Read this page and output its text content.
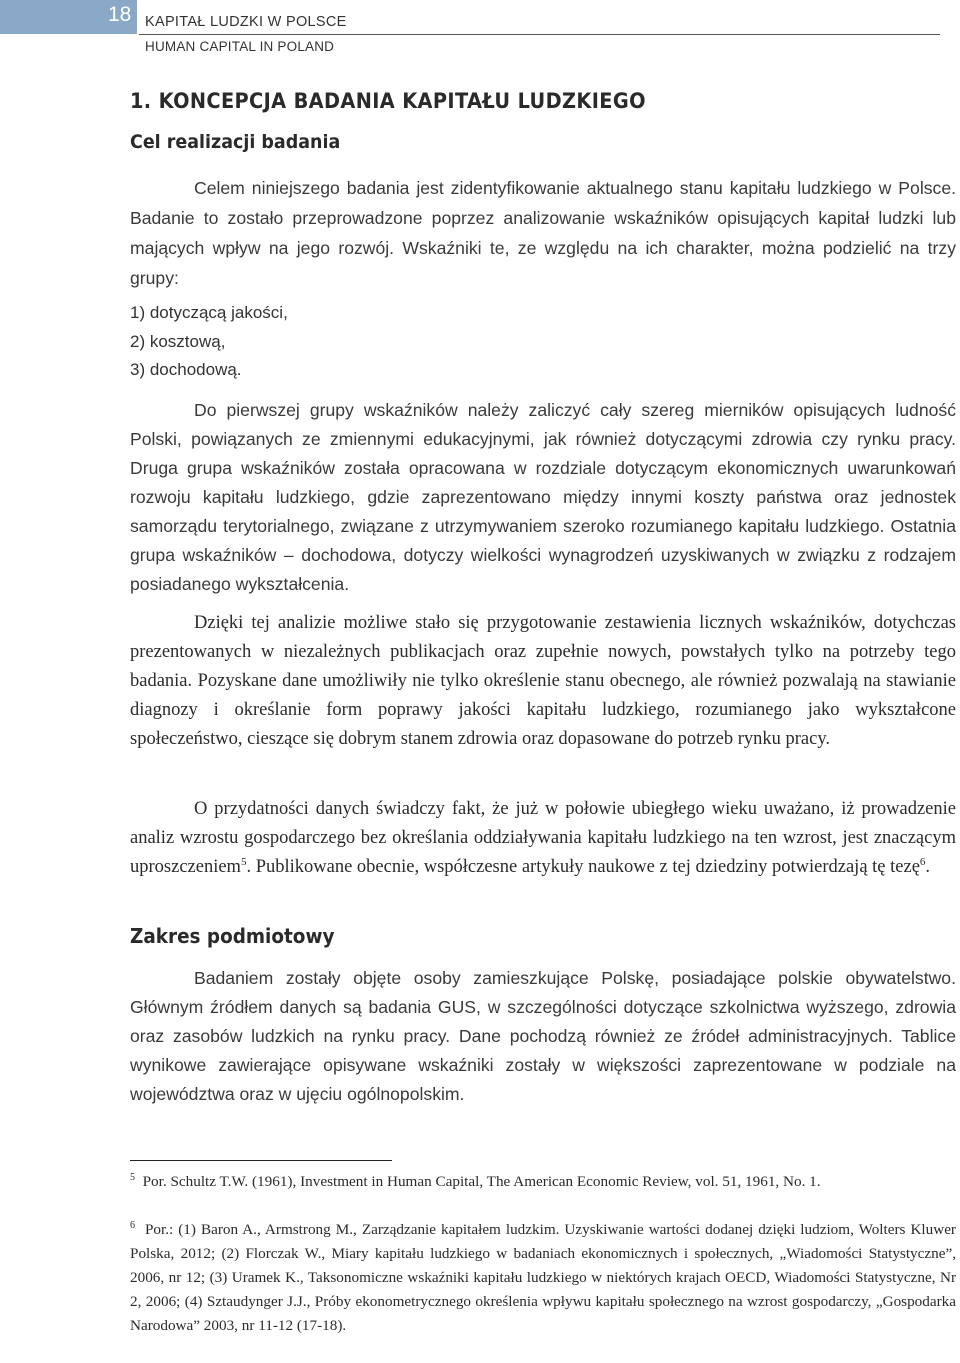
18 KAPITAŁ LUDZKI W POLSCE
HUMAN CAPITAL IN POLAND
1. KONCEPCJA BADANIA KAPITAŁU LUDZKIEGO
Cel realizacji badania

Celem niniejszego badania jest zidentyfikowanie aktualnego stanu kapitału ludzkiego w Polsce. Badanie to zostało przeprowadzone poprzez analizowanie wskaźników opisujących kapitał ludzki lub mających wpływ na jego rozwój. Wskaźniki te, ze względu na ich charakter, można podzielić na trzy grupy:

1) dotyczącą jakości,
2) kosztową,
3) dochodową.

Do pierwszej grupy wskaźników należy zaliczyć cały szereg mierników opisujących ludność Polski, powiązanych ze zmiennymi edukacyjnymi, jak również dotyczącymi zdrowia czy rynku pracy. Druga grupa wskaźników została opracowana w rozdziale dotyczącym ekonomicznych uwarunkowań rozwoju kapitału ludzkiego, gdzie zaprezentowano między innymi koszty państwa oraz jednostek samorządu terytorialnego, związane z utrzymywaniem szeroko rozumianego kapitału ludzkiego. Ostatnia grupa wskaźników – dochodowa, dotyczy wielkości wynagrodzeń uzyskiwanych w związku z rodzajem posiadanego wykształcenia.

Dzięki tej analizie możliwe stało się przygotowanie zestawienia licznych wskaźników, dotychczas prezentowanych w niezależnych publikacjach oraz zupełnie nowych, powstałych tylko na potrzeby tego badania. Pozyskane dane umożliwiły nie tylko określenie stanu obecnego, ale również pozwalają na stawianie diagnozy i określanie form poprawy jakości kapitału ludzkiego, rozumianego jako wykształcone społeczeństwo, cieszące się dobrym stanem zdrowia oraz dopasowane do potrzeb rynku pracy.

O przydatności danych świadczy fakt, że już w połowie ubiegłego wieku uważano, iż prowadzenie analiz wzrostu gospodarczego bez określania oddziaływania kapitału ludzkiego na ten wzrost, jest znaczącym uproszczeniem$^5$. Publikowane obecnie, współczesne artykuły naukowe z tej dziedziny potwierdzają tę tezę$^6$.

Zakres podmiotowy

Badaniem zostały objęte osoby zamieszkujące Polskę, posiadające polskie obywatelstwo. Głównym źródłem danych są badania GUS, w szczególności dotyczące szkolnictwa wyższego, zdrowia oraz zasobów ludzkich na rynku pracy. Dane pochodzą również ze źródeł administracyjnych. Tablice wynikowe zawierające opisywane wskaźniki zostały w większości zaprezentowane w podziale na województwa oraz w ujęciu ogólnopolskim.

$^5$ Por. Schultz T.W. (1961), Investment in Human Capital, The American Economic Review, vol. 51, 1961, No. 1.
$^6$ Por.: (1) Baron A., Armstrong M., Zarządzanie kapitałem ludzkim. Uzyskiwanie wartości dodanej dzięki ludziom, Wolters Kluwer Polska, 2012; (2) Florczak W., Miary kapitału ludzkiego w badaniach ekonomicznych i społecznych, „Wiadomości Statystyczne”, 2006, nr 12; (3) Uramek K., Taksonomiczne wskaźniki kapitału ludzkiego w niektórych krajach OECD, Wiadomości Statystyczne, Nr 2, 2006; (4) Sztaudynger J.J., Próby ekonometrycznego określenia wpływu kapitału społecznego na wzrost gospodarczy, „Gospodarka Narodowa” 2003, nr 11-12 (17-18).
